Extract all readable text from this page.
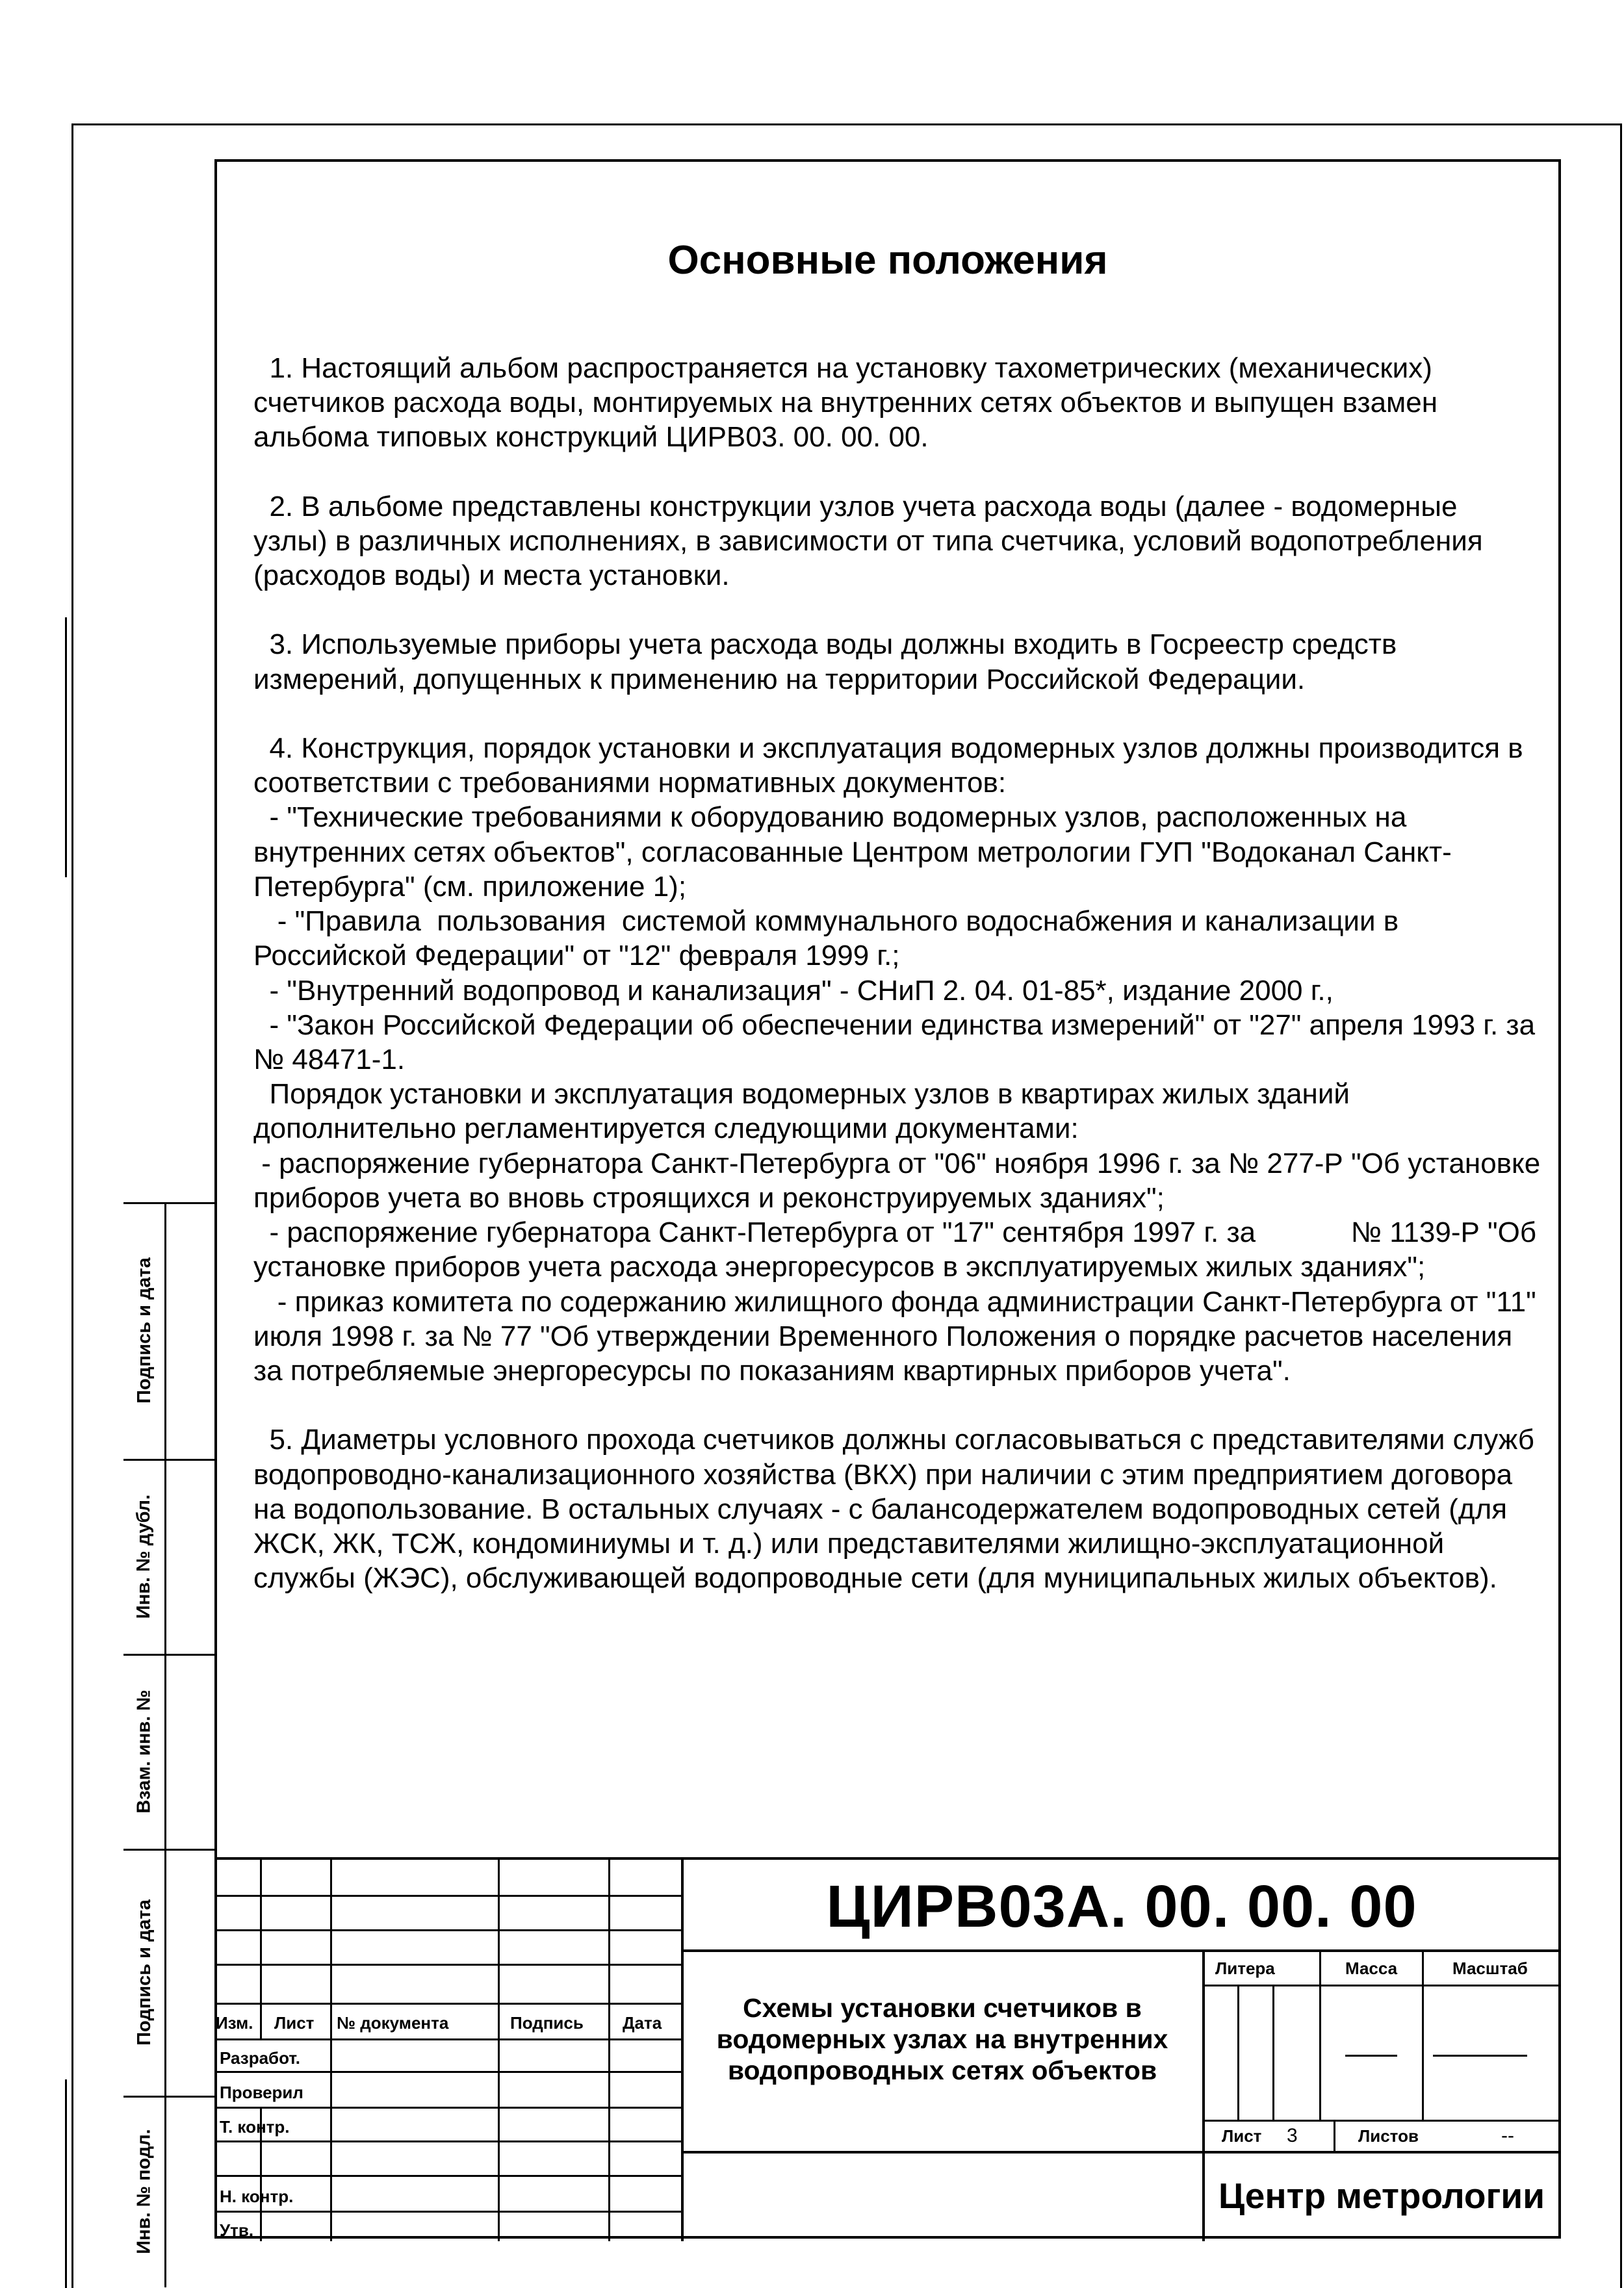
Основные положения

1. Настоящий альбом распространяется на установку тахометрических (механических) счетчиков расхода воды, монтируемых на внутренних сетях объектов и выпущен взамен альбома типовых конструкций ЦИРВ03. 00. 00. 00.

2. В альбоме представлены конструкции узлов учета расхода воды (далее - водомерные  узлы) в различных исполнениях, в зависимости от типа счетчика, условий водопотребления (расходов воды) и места установки.

3. Используемые приборы учета расхода воды должны входить в Госреестр средств измерений, допущенных к применению на территории Российской Федерации.

4. Конструкция, порядок установки и эксплуатация водомерных узлов должны производится в соответствии с требованиями нормативных документов:
- "Технические требованиями к оборудованию водомерных узлов, расположенных на внутренних сетях объектов", согласованные Центром метрологии ГУП "Водоканал Санкт-Петербурга" (см. приложение 1);
- "Правила  пользования  системой коммунального водоснабжения и канализации в Российской Федерации" от "12" февраля 1999 г.;
- "Внутренний водопровод и канализация" - СНиП 2. 04. 01-85*, издание 2000 г.,
- "Закон Российской Федерации об обеспечении единства измерений" от "27" апреля 1993 г. за № 48471-1.
Порядок установки и эксплуатация водомерных узлов в квартирах жилых зданий дополнительно регламентируется следующими документами:
- распоряжение губернатора Санкт-Петербурга от "06" ноября 1996 г. за № 277-Р "Об установке приборов учета во вновь строящихся и реконструируемых зданиях";
- распоряжение губернатора Санкт-Петербурга от "17" сентября 1997 г. за            № 1139-Р "Об установке приборов учета расхода энергоресурсов в эксплуатируемых жилых зданиях";
- приказ комитета по содержанию жилищного фонда администрации Санкт-Петербурга от "11" июля 1998 г. за № 77 "Об утверждении Временного Положения о порядке расчетов населения за потребляемые энергоресурсы по показаниям квартирных приборов учета".

5. Диаметры условного прохода счетчиков должны согласовываться с представителями служб водопроводно-канализационного хозяйства (ВКХ) при наличии с этим предприятием договора на водопользование. В остальных случаях - с балансодержателем водопроводных сетей (для ЖСК, ЖК, ТСЖ, кондоминиумы и т. д.) или представителями жилищно-эксплуатационной службы (ЖЭС), обслуживающей водопроводные сети (для муниципальных жилых объектов).

Подпись и дата
Инв. № дубл.
Взам. инв. №
Подпись и дата
Инв. № подл.
Изм. Лист № документа	Подпись Дата
Разработ.
Проверил
Т. контр.
Н. контр.
Утв.
ЦИРВ03А. 00. 00. 00
Схемы установки счетчиков в водомерных узлах на внутренних водопроводных сетях объектов
Литера	Масса	Масштаб
Лист 3	Листов	--
Центр метрологии
